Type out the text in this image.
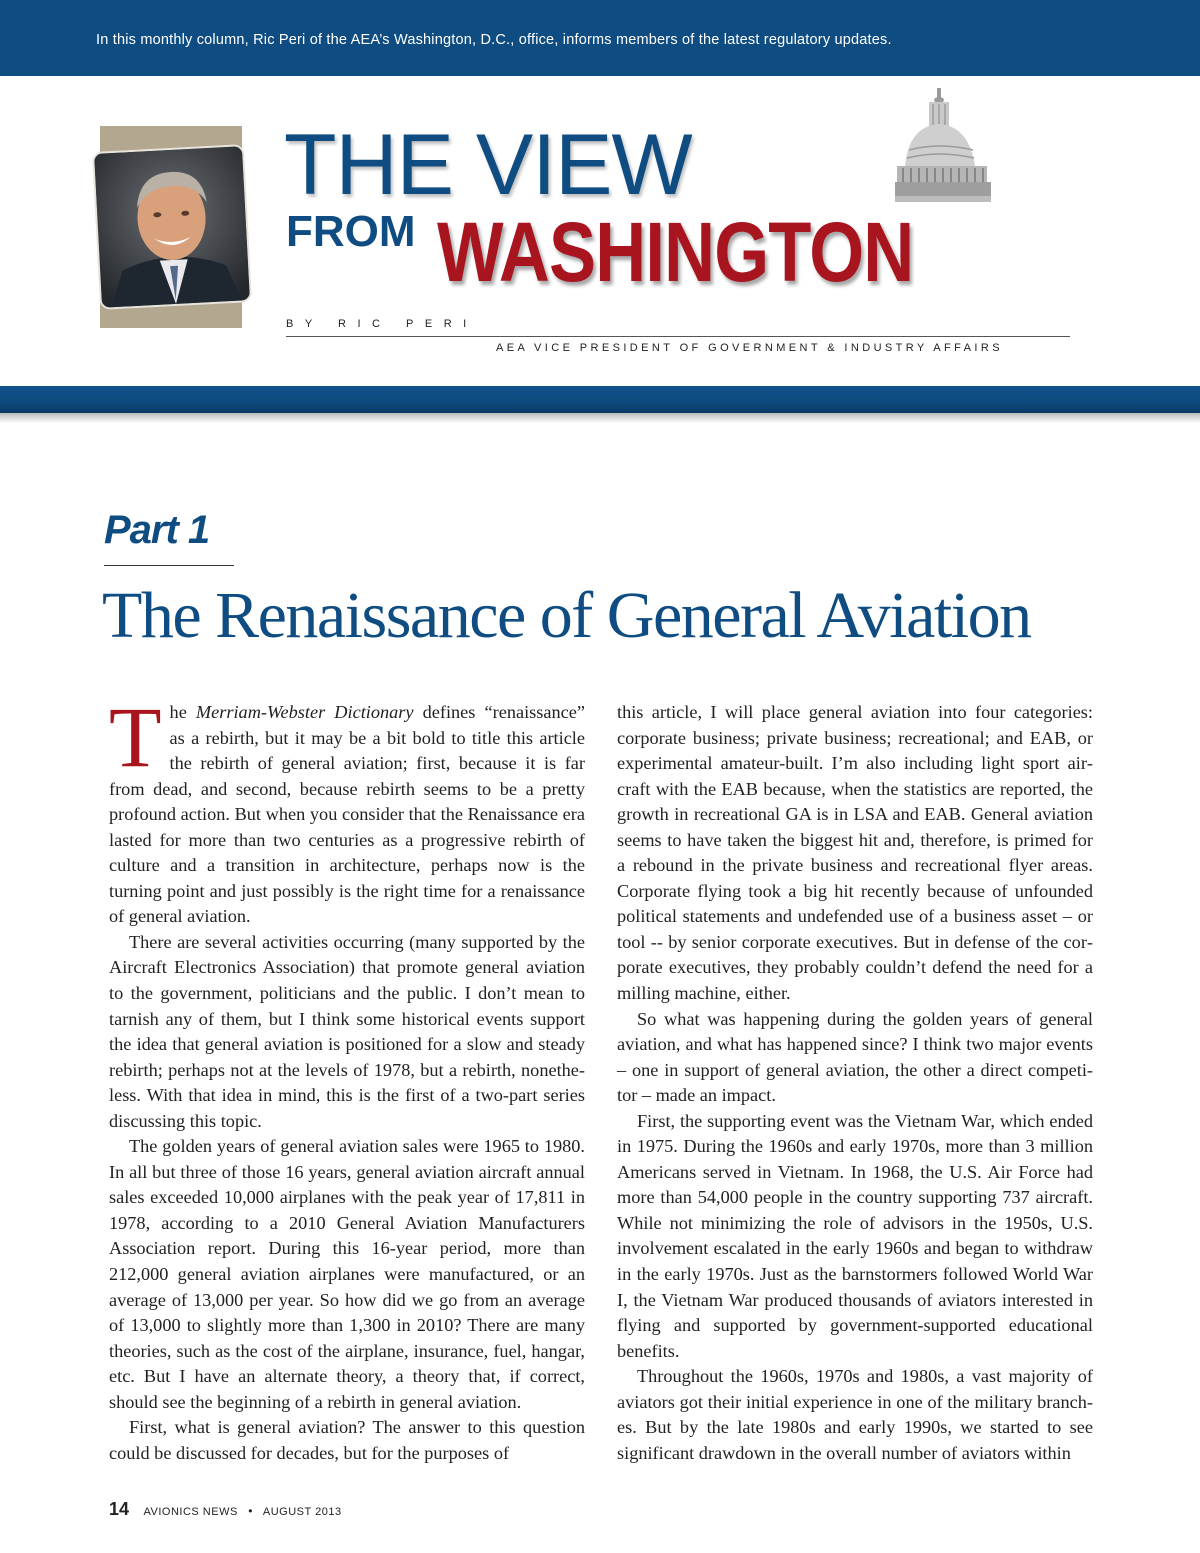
In this monthly column, Ric Peri of the AEA’s Washington, D.C., office, informs members of the latest regulatory updates.
THE VIEW
FROM WASHINGTON
BY RIC PERI
AEA VICE PRESIDENT OF GOVERNMENT & INDUSTRY AFFAIRS
Part 1
The Renaissance of General Aviation

The Merriam-Webster Dictionary defines “renaissance” as a rebirth, but it may be a bit bold to title this article the rebirth of general aviation; first, because it is far from dead, and second, because rebirth seems to be a pretty profound action. But when you consider that the Renaissance era lasted for more than two centuries as a progressive rebirth of culture and a transition in architecture, perhaps now is the turning point and just possibly is the right time for a renaissance of general aviation.

There are several activities occurring (many supported by the Aircraft Electronics Association) that promote general aviation to the government, politicians and the public. I don’t mean to tarnish any of them, but I think some historical events support the idea that general aviation is positioned for a slow and steady rebirth; perhaps not at the levels of 1978, but a rebirth, nonetheless. With that idea in mind, this is the first of a two-part series discussing this topic.

The golden years of general aviation sales were 1965 to 1980. In all but three of those 16 years, general aviation aircraft annual sales exceeded 10,000 airplanes with the peak year of 17,811 in 1978, according to a 2010 General Aviation Manufacturers Association report. During this 16-year period, more than 212,000 general aviation airplanes were manufactured, or an average of 13,000 per year. So how did we go from an average of 13,000 to slightly more than 1,300 in 2010? There are many theories, such as the cost of the airplane, insurance, fuel, hangar, etc. But I have an alternate theory, a theory that, if correct, should see the beginning of a rebirth in general aviation.

First, what is general aviation? The answer to this question could be discussed for decades, but for the purposes of

this article, I will place general aviation into four categories: corporate business; private business; recreational; and EAB, or experimental amateur-built. I’m also including light sport aircraft with the EAB because, when the statistics are reported, the growth in recreational GA is in LSA and EAB. General aviation seems to have taken the biggest hit and, therefore, is primed for a rebound in the private business and recreational flyer areas. Corporate flying took a big hit recently because of unfounded political statements and undefended use of a business asset – or tool -- by senior corporate executives. But in defense of the corporate executives, they probably couldn’t defend the need for a milling machine, either.

So what was happening during the golden years of general aviation, and what has happened since? I think two major events – one in support of general aviation, the other a direct competitor – made an impact.

First, the supporting event was the Vietnam War, which ended in 1975. During the 1960s and early 1970s, more than 3 million Americans served in Vietnam. In 1968, the U.S. Air Force had more than 54,000 people in the country supporting 737 aircraft. While not minimizing the role of advisors in the 1950s, U.S. involvement escalated in the early 1960s and began to withdraw in the early 1970s. Just as the barnstormers followed World War I, the Vietnam War produced thousands of aviators interested in flying and supported by government-supported educational benefits.

Throughout the 1960s, 1970s and 1980s, a vast majority of aviators got their initial experience in one of the military branches. But by the late 1980s and early 1990s, we started to see significant drawdown in the overall number of aviators within

14 AVIONICS NEWS • AUGUST 2013
